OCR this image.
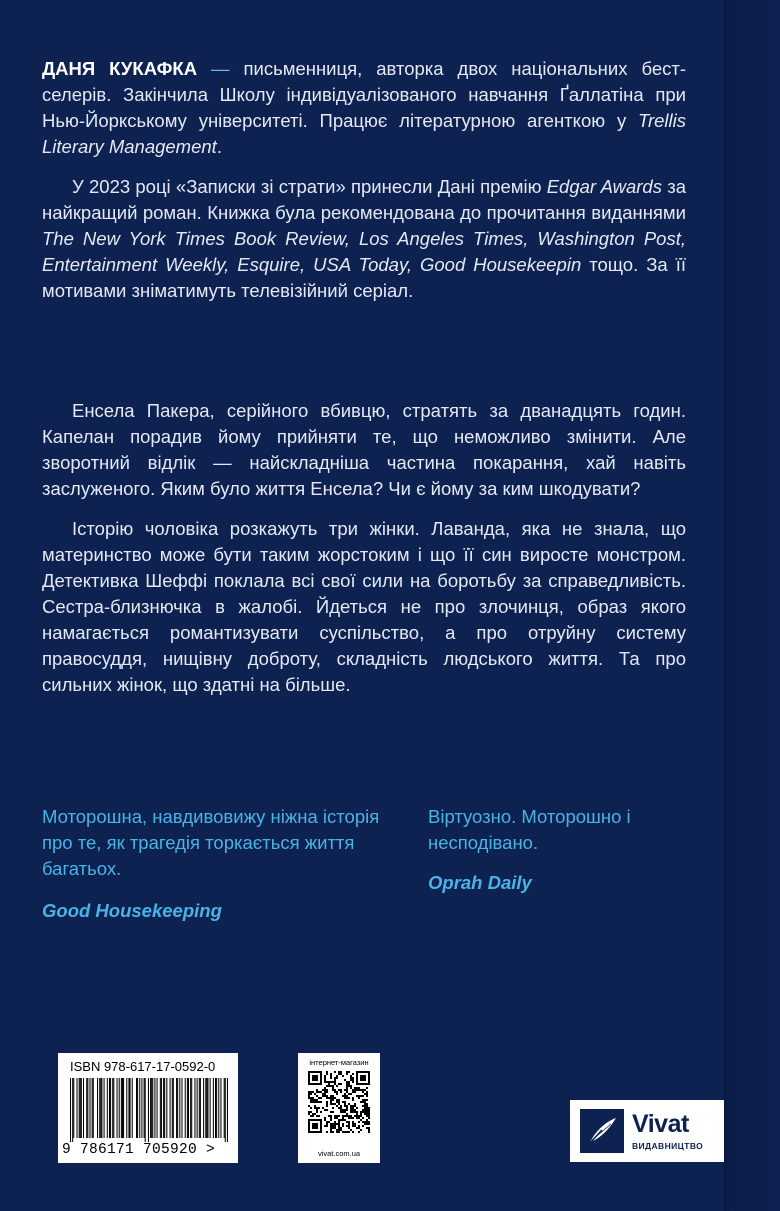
ДАНЯ КУКАФКА — письменниця, авторка двох національних бестселерів. Закінчила Школу індивідуалізованого навчання Ґаллатіна при Нью-Йоркському університеті. Працює літературною агенткою у Trellis Literary Management.

У 2023 році «Записки зі страти» принесли Дані премію Edgar Awards за найкращий роман. Книжка була рекомендована до прочитання виданнями The New York Times Book Review, Los Angeles Times, Washington Post, Entertainment Weekly, Esquire, USA Today, Good Housekeepin тощо. За її мотивами зніматимуть телевізійний серіал.

Енсела Пакера, серійного вбивцю, стратять за дванадцять годин. Капелан порадив йому прийняти те, що неможливо змінити. Але зворотний відлік — найскладніша частина покарання, хай навіть заслуженого. Яким було життя Енсела? Чи є йому за ким шкодувати?

Історію чоловіка розкажуть три жінки. Лаванда, яка не знала, що материнство може бути таким жорстоким і що її син виросте монстром. Детективка Шеффі поклала всі свої сили на боротьбу за справедливість. Сестра-близнючка в жалобі. Йдеться не про злочинця, образ якого намагається романтизувати суспільство, а про отруйну систему правосуддя, нищівну доброту, складність людського життя. Та про сильних жінок, що здатні на більше.

Моторошна, навдивовижу ніжна історія про те, як трагедія торкається життя багатьох.

Good Housekeeping

Віртуозно. Моторошно і несподівано.

Oprah Daily

ISBN 978-617-17-0592-0
9 786171 705920 >
інтернет-магазин
vivat.com.ua
Vivat
ВИДАВНИЦТВО
